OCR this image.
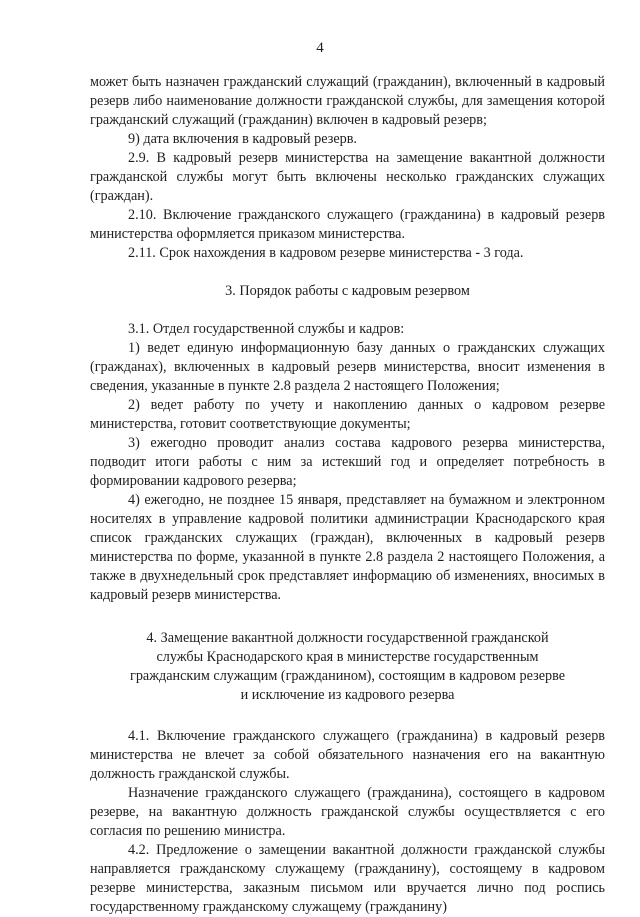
4

может быть назначен гражданский служащий (гражданин), включенный в кадровый резерв либо наименование должности гражданской службы, для замещения которой гражданский служащий (гражданин) включен в кадровый резерв;

9) дата включения в кадровый резерв.

2.9. В кадровый резерв министерства на замещение вакантной должности гражданской службы могут быть включены несколько гражданских служащих (граждан).

2.10. Включение гражданского служащего (гражданина) в кадровый резерв министерства оформляется приказом министерства.

2.11. Срок нахождения в кадровом резерве министерства - 3 года.

3. Порядок работы с кадровым резервом

3.1. Отдел государственной службы и кадров:

1) ведет единую информационную базу данных о гражданских служащих (гражданах), включенных в кадровый резерв министерства, вносит изменения в сведения, указанные в пункте 2.8 раздела 2 настоящего Положения;

2) ведет работу по учету и накоплению данных о кадровом резерве министерства, готовит соответствующие документы;

3) ежегодно проводит анализ состава кадрового резерва министерства, подводит итоги работы с ним за истекший год и определяет потребность в формировании кадрового резерва;

4) ежегодно, не позднее 15 января, представляет на бумажном и электронном носителях в управление кадровой политики администрации Краснодарского края список гражданских служащих (граждан), включенных в кадровый резерв министерства по форме, указанной в пункте 2.8 раздела 2 настоящего Положения, а также в двухнедельный срок представляет информацию об изменениях, вносимых в кадровый резерв министерства.

4. Замещение вакантной должности государственной гражданской службы Краснодарского края в министерстве государственным гражданским служащим (гражданином), состоящим в кадровом резерве и исключение из кадрового резерва

4.1. Включение гражданского служащего (гражданина) в кадровый резерв министерства не влечет за собой обязательного назначения его на вакантную должность гражданской службы.

Назначение гражданского служащего (гражданина), состоящего в кадровом резерве, на вакантную должность гражданской службы осуществляется с его согласия по решению министра.

4.2. Предложение о замещении вакантной должности гражданской службы направляется гражданскому служащему (гражданину), состоящему в кадровом резерве министерства, заказным письмом или вручается лично под роспись государственному гражданскому служащему (гражданину)
